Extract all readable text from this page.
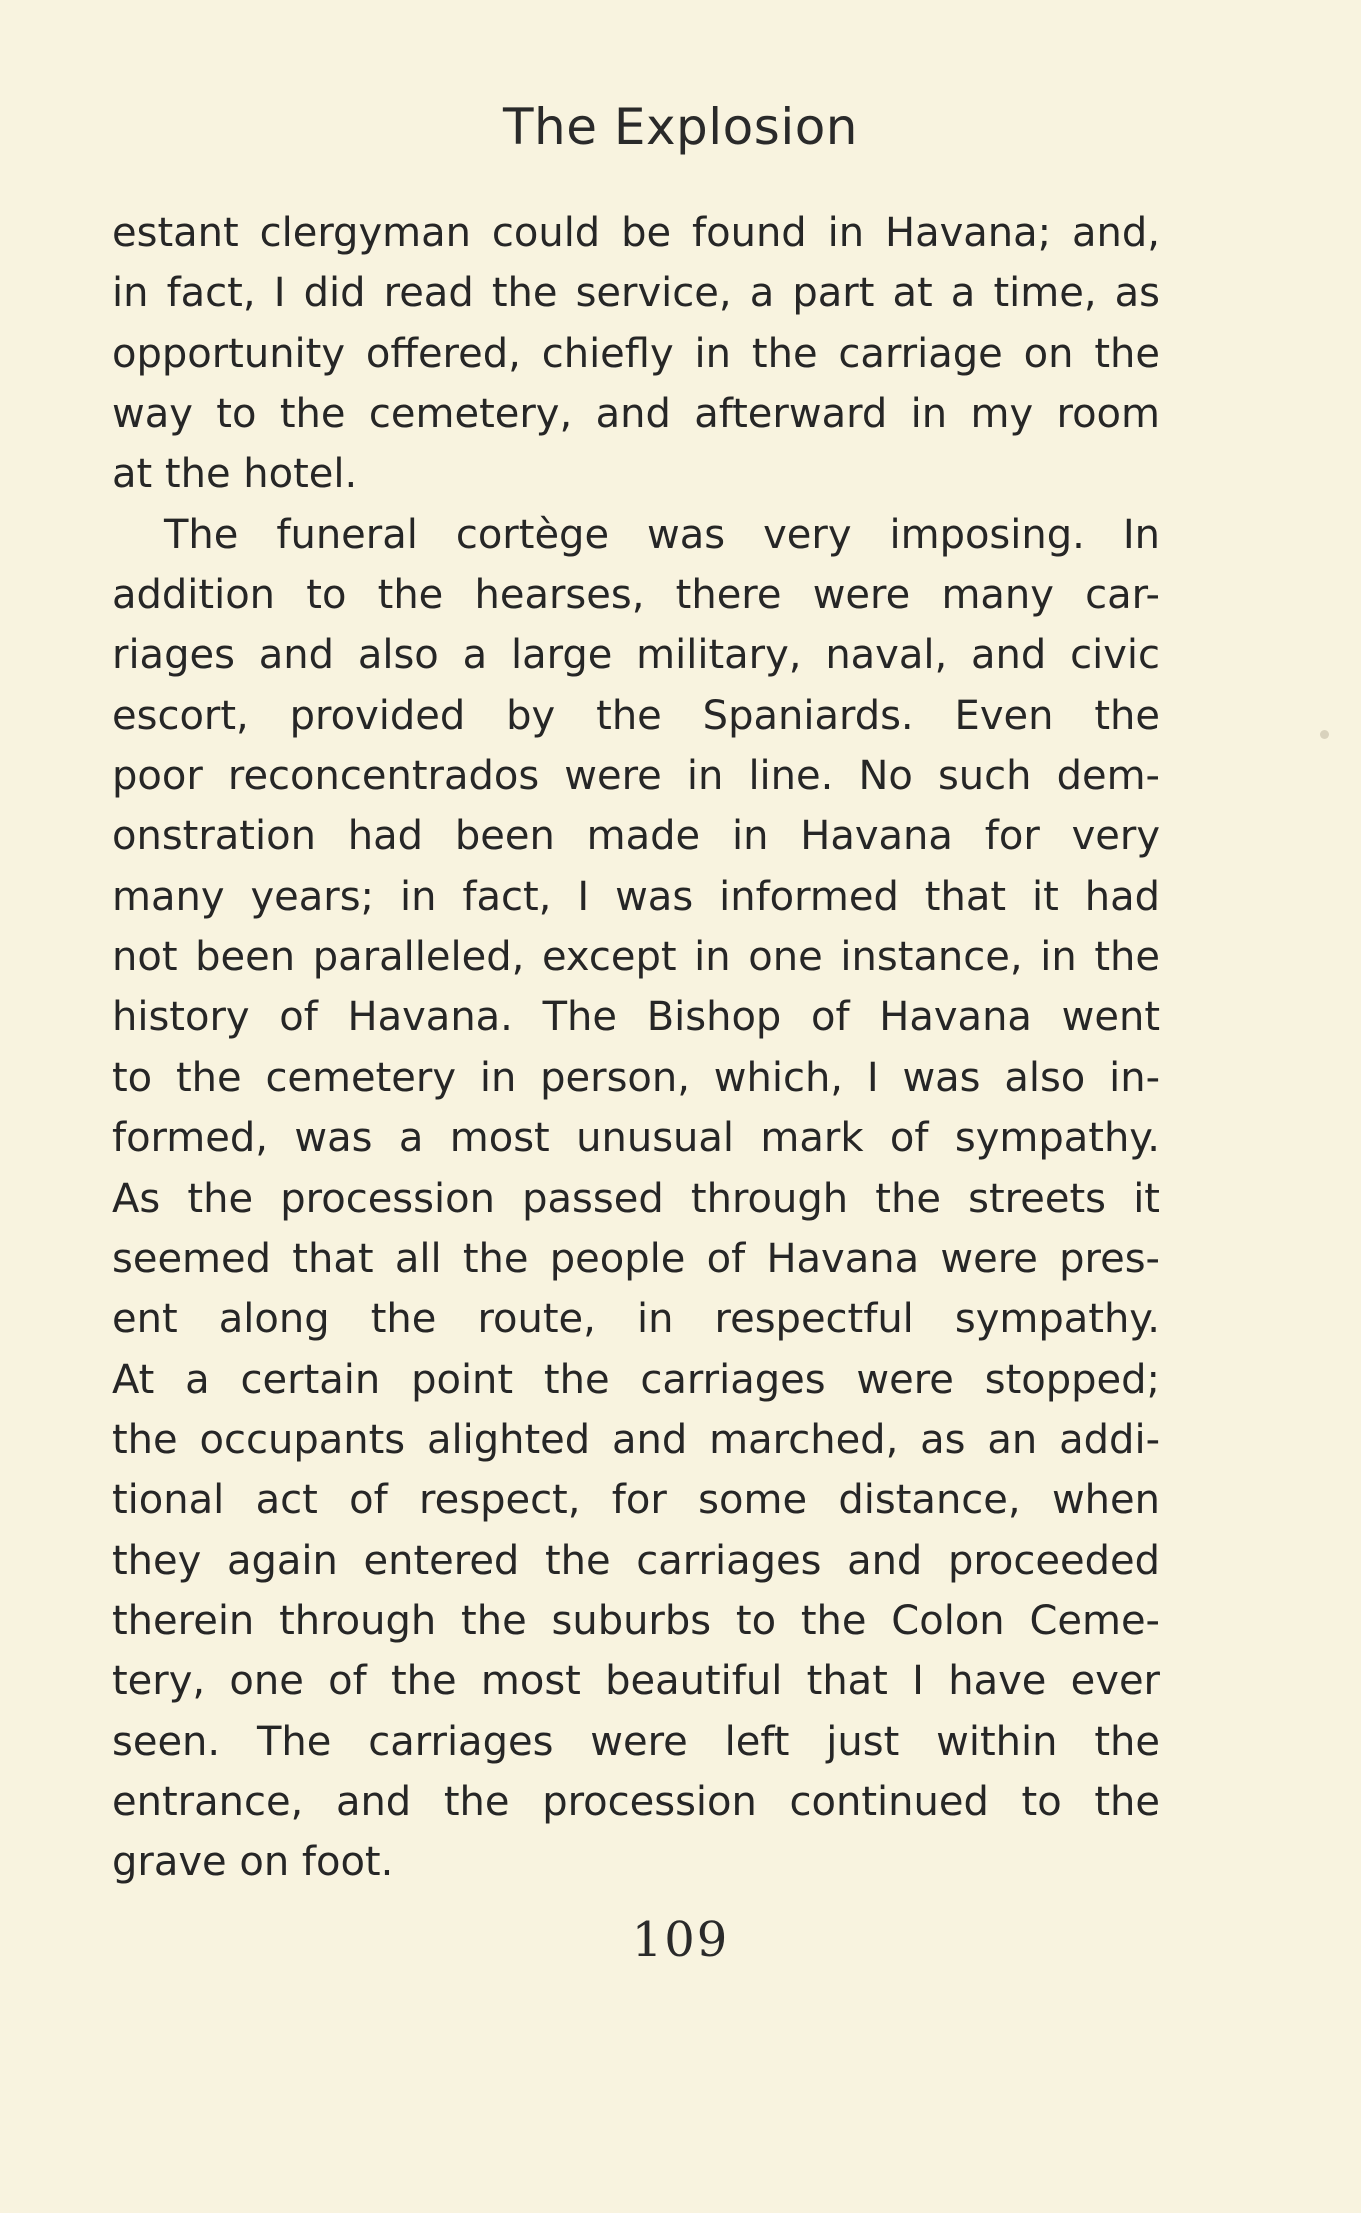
The Explosion
estant clergyman could be found in Havana; and,
in fact, I did read the service, a part at a time, as
opportunity offered, chiefly in the carriage on the
way to the cemetery, and afterward in my room
at the hotel.
The funeral cortège was very imposing. In
addition to the hearses, there were many car-
riages and also a large military, naval, and civic
escort, provided by the Spaniards. Even the
poor reconcentrados were in line. No such dem-
onstration had been made in Havana for very
many years; in fact, I was informed that it had
not been paralleled, except in one instance, in the
history of Havana. The Bishop of Havana went
to the cemetery in person, which, I was also in-
formed, was a most unusual mark of sympathy.
As the procession passed through the streets it
seemed that all the people of Havana were pres-
ent along the route, in respectful sympathy.
At a certain point the carriages were stopped;
the occupants alighted and marched, as an addi-
tional act of respect, for some distance, when
they again entered the carriages and proceeded
therein through the suburbs to the Colon Ceme-
tery, one of the most beautiful that I have ever
seen. The carriages were left just within the
entrance, and the procession continued to the
grave on foot.
109
